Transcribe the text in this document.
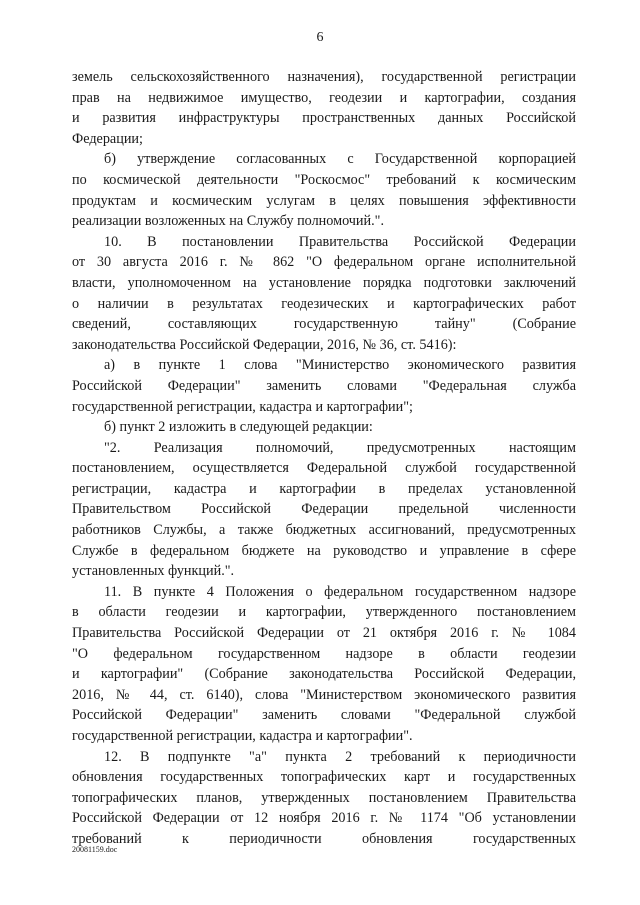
6
земель сельскохозяйственного назначения), государственной регистрации
прав на недвижимое имущество, геодезии и картографии, создания
и развития инфраструктуры пространственных данных Российской
Федерации;
б) утверждение согласованных с Государственной корпорацией
по космической деятельности "Роскосмос" требований к космическим
продуктам и космическим услугам в целях повышения эффективности
реализации возложенных на Службу полномочий.".
10. В постановлении Правительства Российской Федерации
от 30 августа 2016 г. № 862 "О федеральном органе исполнительной
власти, уполномоченном на установление порядка подготовки заключений
о наличии в результатах геодезических и картографических работ
сведений, составляющих государственную тайну" (Собрание
законодательства Российской Федерации, 2016, № 36, ст. 5416):
а) в пункте 1 слова "Министерство экономического развития
Российской Федерации" заменить словами "Федеральная служба
государственной регистрации, кадастра и картографии";
б) пункт 2 изложить в следующей редакции:
"2. Реализация полномочий, предусмотренных настоящим
постановлением, осуществляется Федеральной службой государственной
регистрации, кадастра и картографии в пределах установленной
Правительством Российской Федерации предельной численности
работников Службы, а также бюджетных ассигнований, предусмотренных
Службе в федеральном бюджете на руководство и управление в сфере
установленных функций.".
11. В пункте 4 Положения о федеральном государственном надзоре
в области геодезии и картографии, утвержденного постановлением
Правительства Российской Федерации от 21 октября 2016 г. № 1084
"О федеральном государственном надзоре в области геодезии
и картографии" (Собрание законодательства Российской Федерации,
2016, № 44, ст. 6140), слова "Министерством экономического развития
Российской Федерации" заменить словами "Федеральной службой
государственной регистрации, кадастра и картографии".
12. В подпункте "а" пункта 2 требований к периодичности
обновления государственных топографических карт и государственных
топографических планов, утвержденных постановлением Правительства
Российской Федерации от 12 ноября 2016 г. № 1174 "Об установлении
требований к периодичности обновления государственных
20081159.doc
